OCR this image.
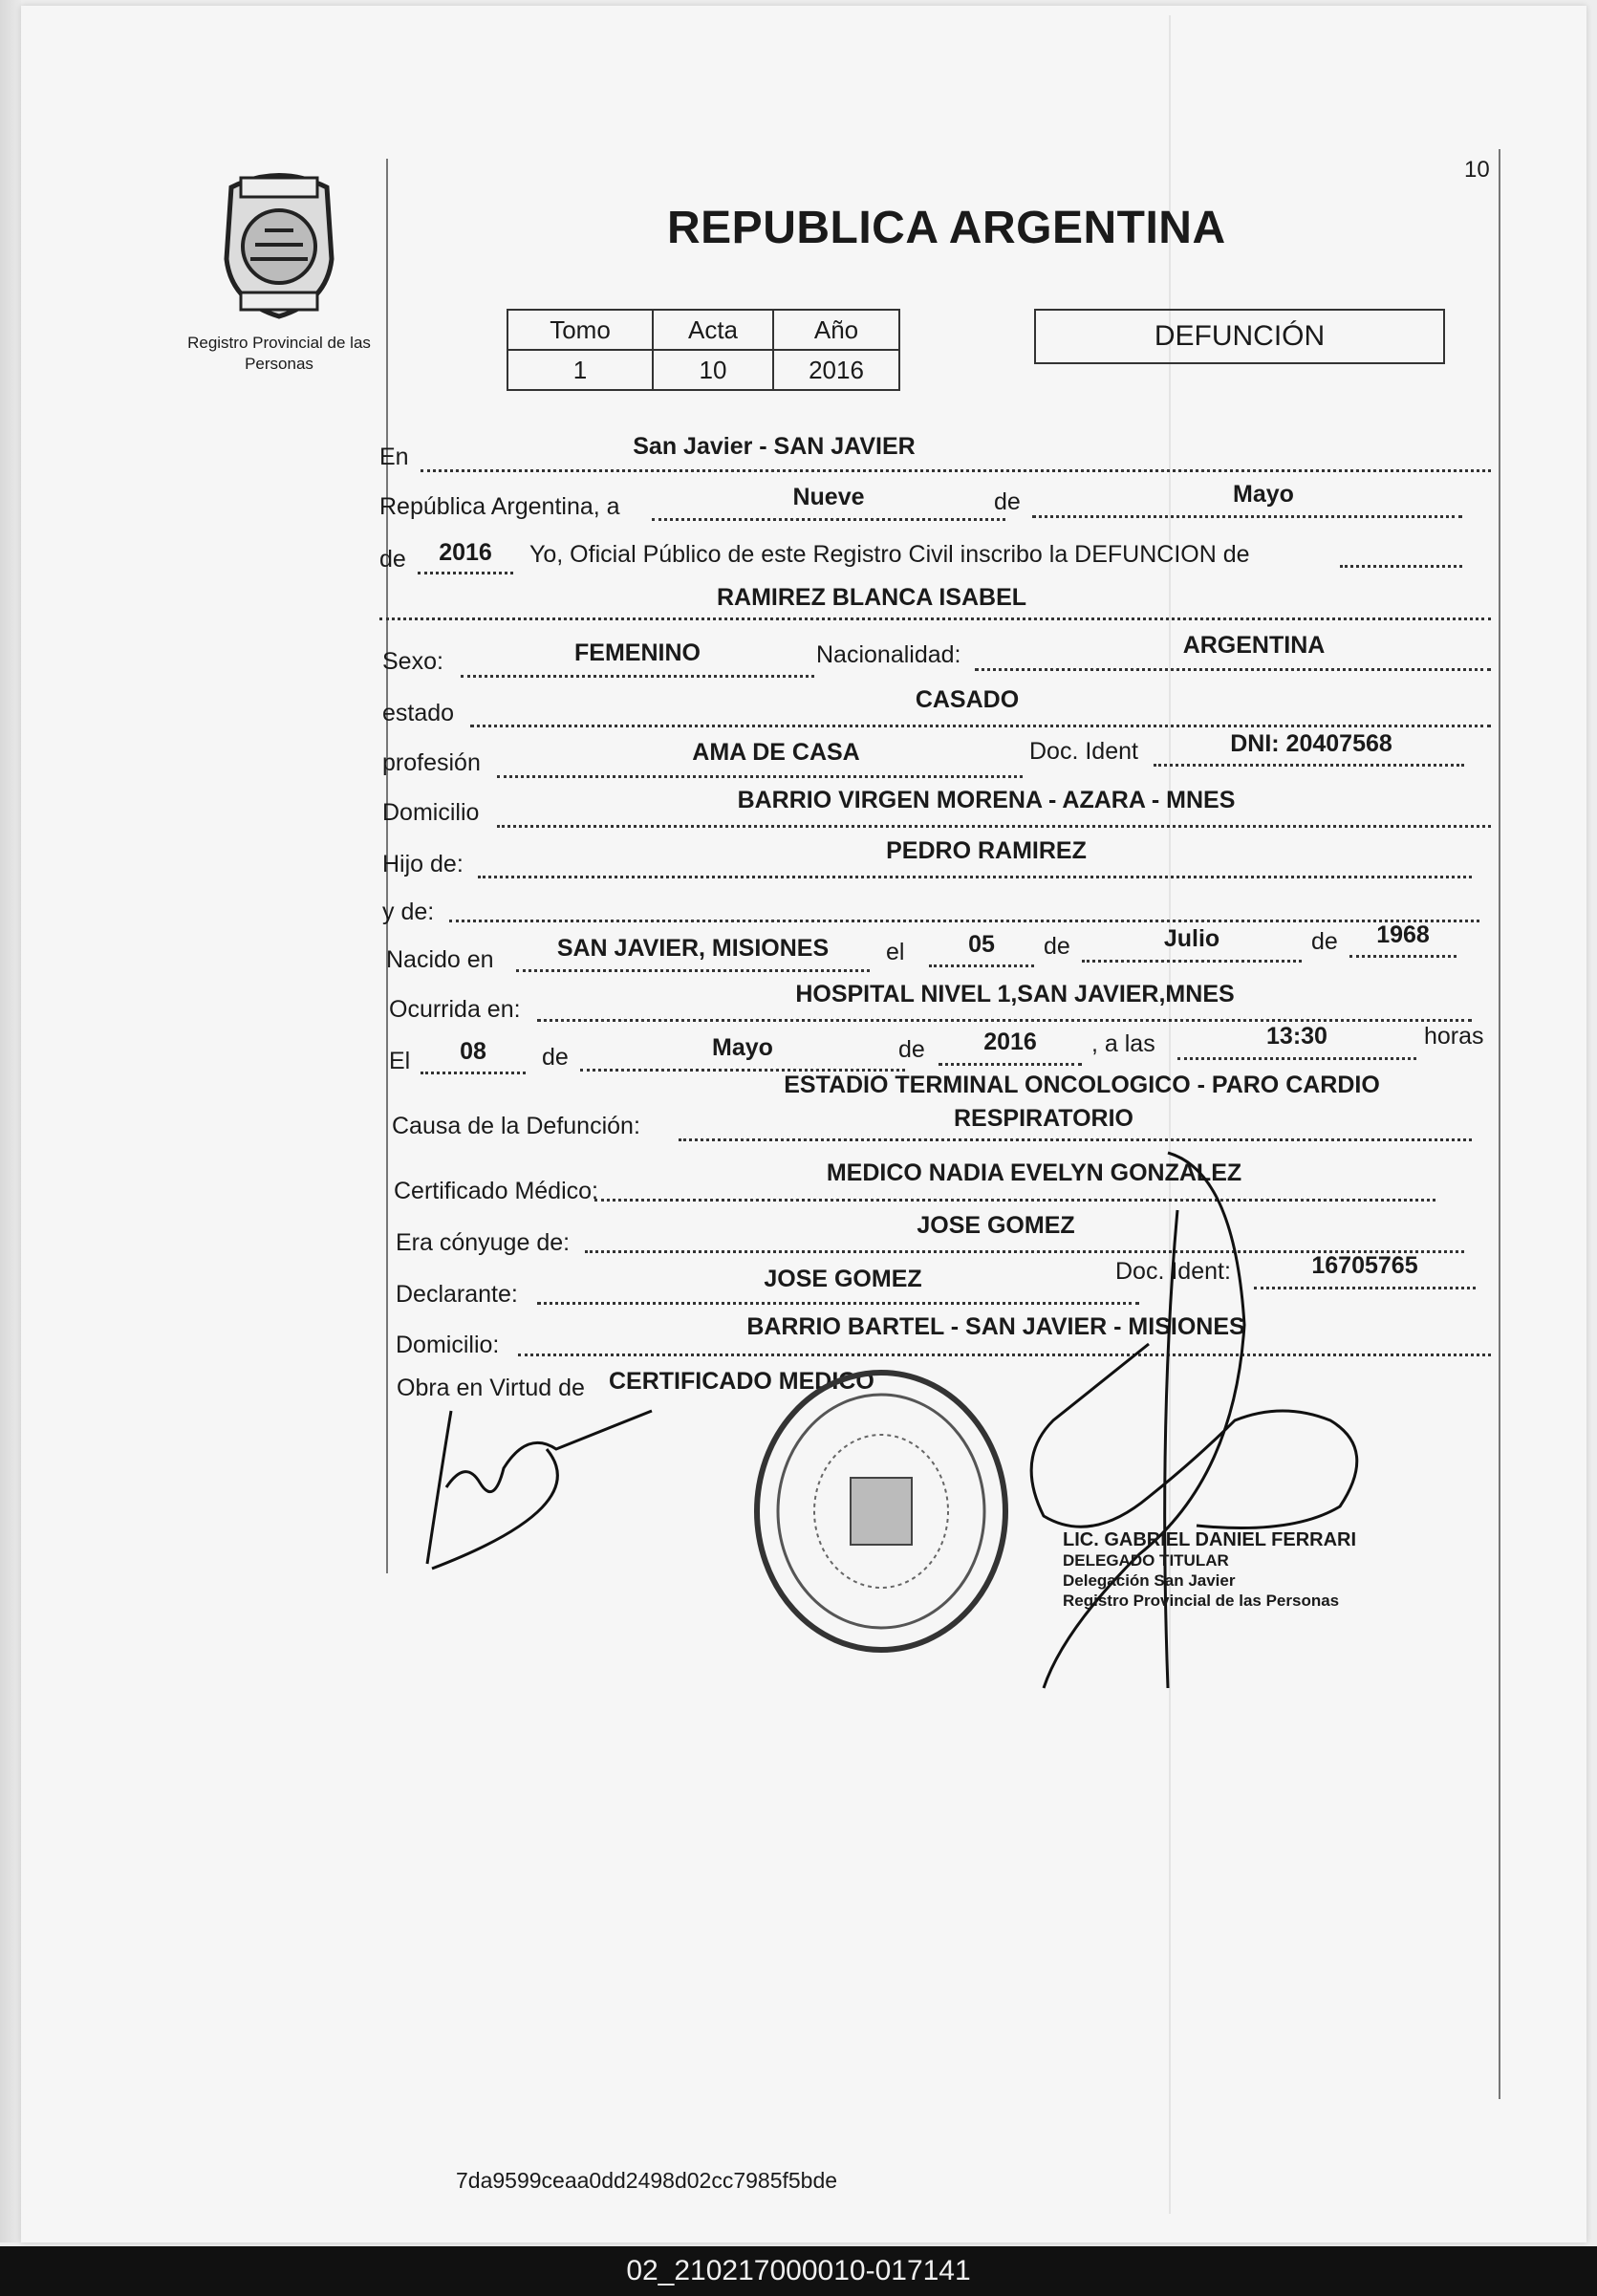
10
Registro Provincial de las Personas
REPUBLICA ARGENTINA
Tomo	Acta	Año
1	10	2016
DEFUNCIÓN
En	San Javier - SAN JAVIER
República Argentina, a	Nueve	de	Mayo
de	2016	Yo, Oficial Público de este Registro Civil inscribo la DEFUNCION de
RAMIREZ BLANCA ISABEL
Sexo:	FEMENINO	Nacionalidad:	ARGENTINA
estado	CASADO
profesión	AMA DE CASA	Doc. Ident	DNI: 20407568
Domicilio	BARRIO VIRGEN MORENA - AZARA - MNES
Hijo de:	PEDRO RAMIREZ
y de:
Nacido en	SAN JAVIER, MISIONES	el	05	de	Julio	de	1968
Ocurrida en:
HOSPITAL NIVEL 1,SAN JAVIER,MNES
El	08	de	Mayo	de	2016	, a las	13:30	horas
ESTADIO TERMINAL ONCOLOGICO - PARO CARDIO
Causa de la Defunción:	RESPIRATORIO
Certificado Médico:
MEDICO NADIA EVELYN GONZALEZ
Era cónyuge de:
JOSE GOMEZ
Declarante:
JOSE GOMEZ	Doc. Ident:	16705765
Domicilio:
BARRIO BARTEL - SAN JAVIER - MISIONES
Obra en Virtud de CERTIFICADO MEDICO
LIC. GABRIEL DANIEL FERRARI
DELEGADO TITULAR
Delegación San Javier
Registro Provincial de las Personas
7da9599ceaa0dd2498d02cc7985f5bde
02_210217000010-017141
